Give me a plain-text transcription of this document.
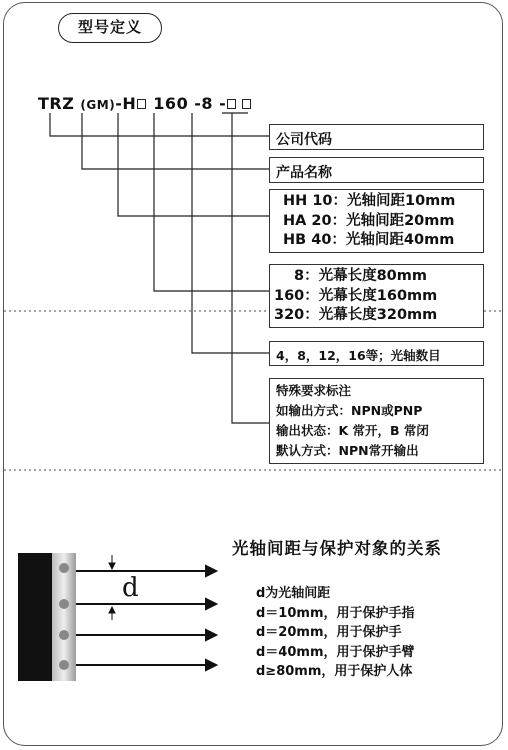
型号定义
TRZ (GM)-H 160 -8 -
公司代码
产品名称
HH 10：光轴间距10mm
HA 20：光轴间距20mm
HB 40：光轴间距40mm
8：光幕长度80mm
160：光幕长度160mm
320：光幕长度320mm
4，8，12，16等；光轴数目
特殊要求标注
如输出方式：NPN或PNP
输出状态：K 常开，B 常闭
默认方式：NPN常开输出
光轴间距与保护对象的关系
d	d为光轴间距
d＝10mm，用于保护手指
d＝20mm，用于保护手
d＝40mm，用于保护手臂
d≥80mm，用于保护人体
